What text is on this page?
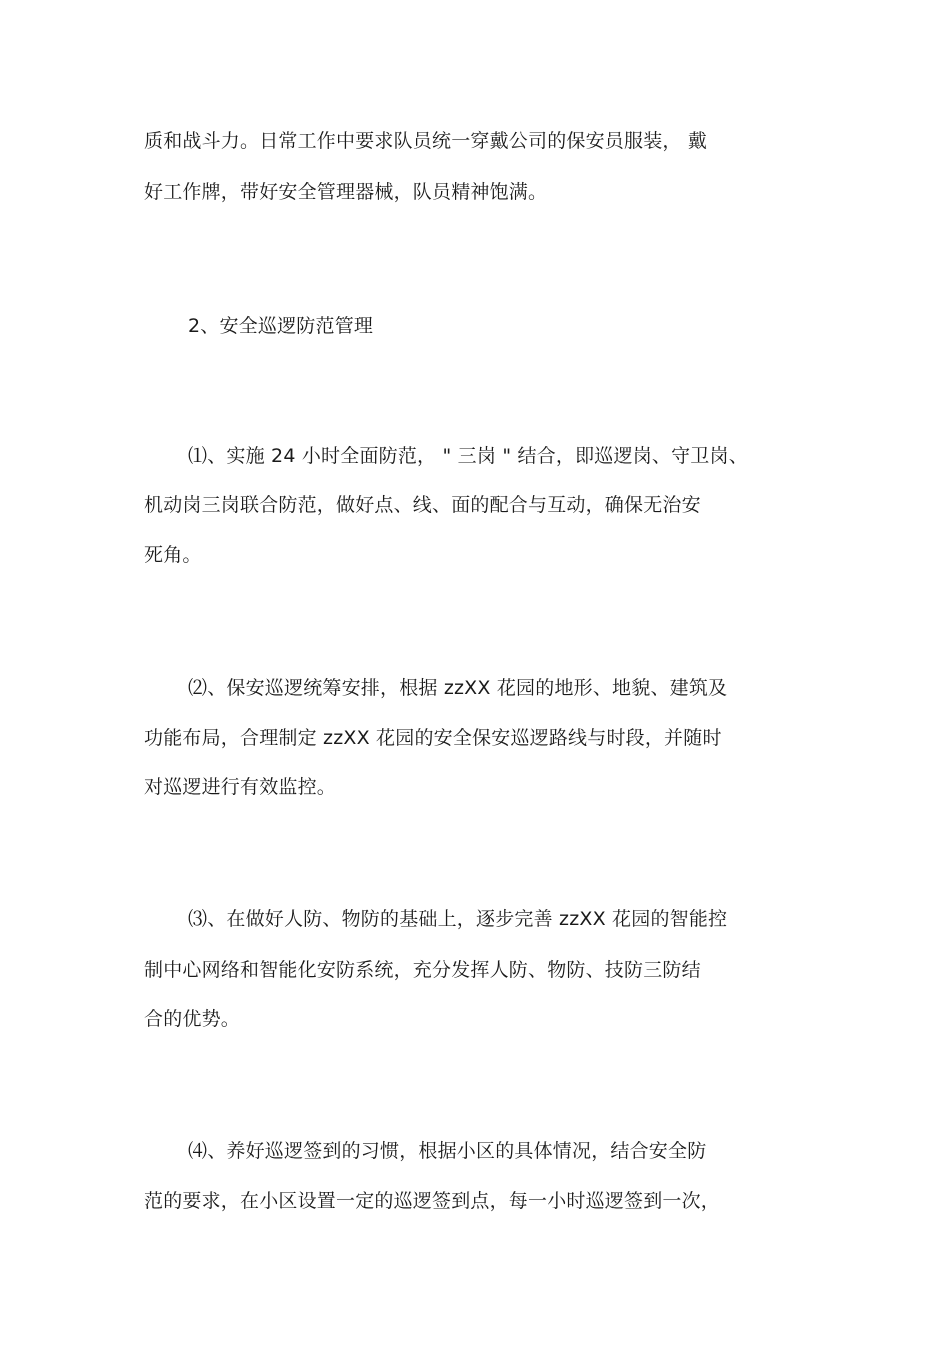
质和战斗力。日常工作中要求队员统一穿戴公司的保安员服装， 戴

好工作牌，带好安全管理器械，队员精神饱满。

2、安全巡逻防范管理

⑴、实施 24 小时全面防范， " 三岗 " 结合，即巡逻岗、守卫岗、

机动岗三岗联合防范，做好点、线、面的配合与互动，确保无治安

死角。

⑵、保安巡逻统筹安排，根据 zzXX 花园的地形、地貌、建筑及

功能布局，合理制定 zzXX 花园的安全保安巡逻路线与时段，并随时

对巡逻进行有效监控。

⑶、在做好人防、物防的基础上，逐步完善 zzXX 花园的智能控

制中心网络和智能化安防系统，充分发挥人防、物防、技防三防结

合的优势。

⑷、养好巡逻签到的习惯，根据小区的具体情况，结合安全防

范的要求，在小区设置一定的巡逻签到点，每一小时巡逻签到一次，
